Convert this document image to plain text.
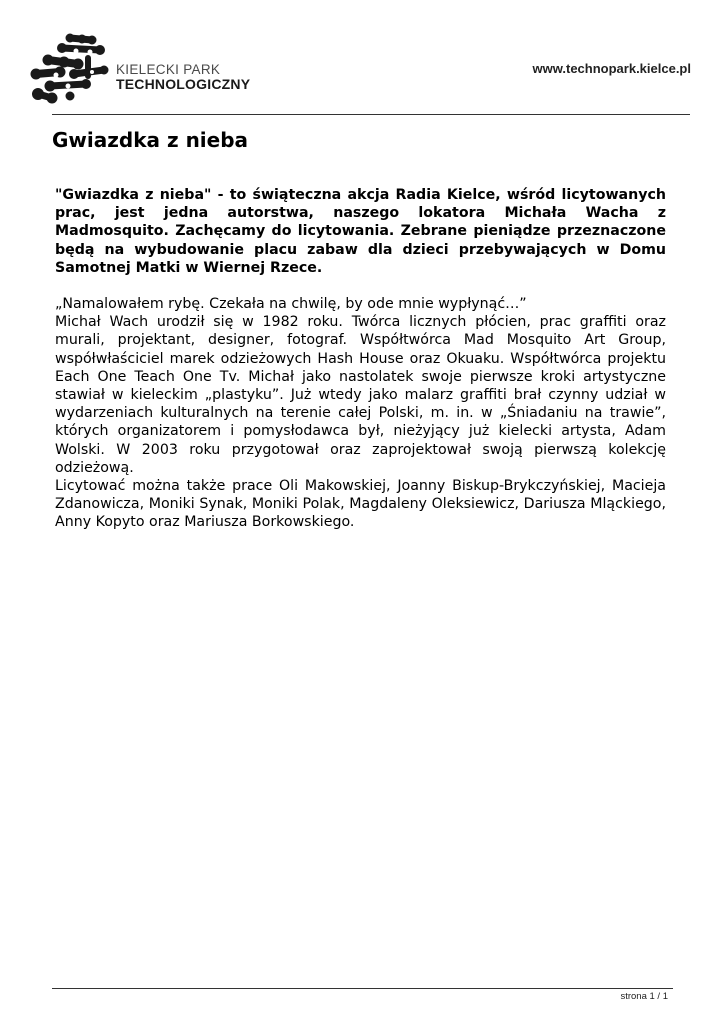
KIELECKI PARK
TECHNOLOGICZNY
www.technopark.kielce.pl
Gwiazdka z nieba

"Gwiazdka z nieba" - to świąteczna akcja Radia Kielce, wśród licytowanych prac, jest jedna autorstwa, naszego lokatora Michała Wacha z Madmosquito. Zachęcamy do licytowania. Zebrane pieniądze przeznaczone będą na wybudowanie placu zabaw dla dzieci przebywających w Domu Samotnej Matki w Wiernej Rzece.

„Namalowałem rybę. Czekała na chwilę, by ode mnie wypłynąć…”

Michał Wach urodził się w 1982 roku. Twórca licznych płócien, prac graffiti oraz murali, projektant, designer, fotograf. Współtwórca Mad Mosquito Art Group, współwłaściciel marek odzieżowych Hash House oraz Okuaku. Współtwórca projektu Each One Teach One Tv. Michał jako nastolatek swoje pierwsze kroki artystyczne stawiał w kieleckim „plastyku”. Już wtedy jako malarz graffiti brał czynny udział w wydarzeniach kulturalnych na terenie całej Polski, m. in. w „Śniadaniu na trawie”, których organizatorem i pomysłodawca był, nieżyjący już kielecki artysta, Adam Wolski. W 2003 roku przygotował oraz zaprojektował swoją pierwszą kolekcję odzieżową.

Licytować można także prace Oli Makowskiej, Joanny Biskup-Brykczyńskiej, Macieja Zdanowicza, Moniki Synak, Moniki Polak, Magdaleny Oleksiewicz, Dariusza Mląckiego, Anny Kopyto oraz Mariusza Borkowskiego.

strona 1 / 1
